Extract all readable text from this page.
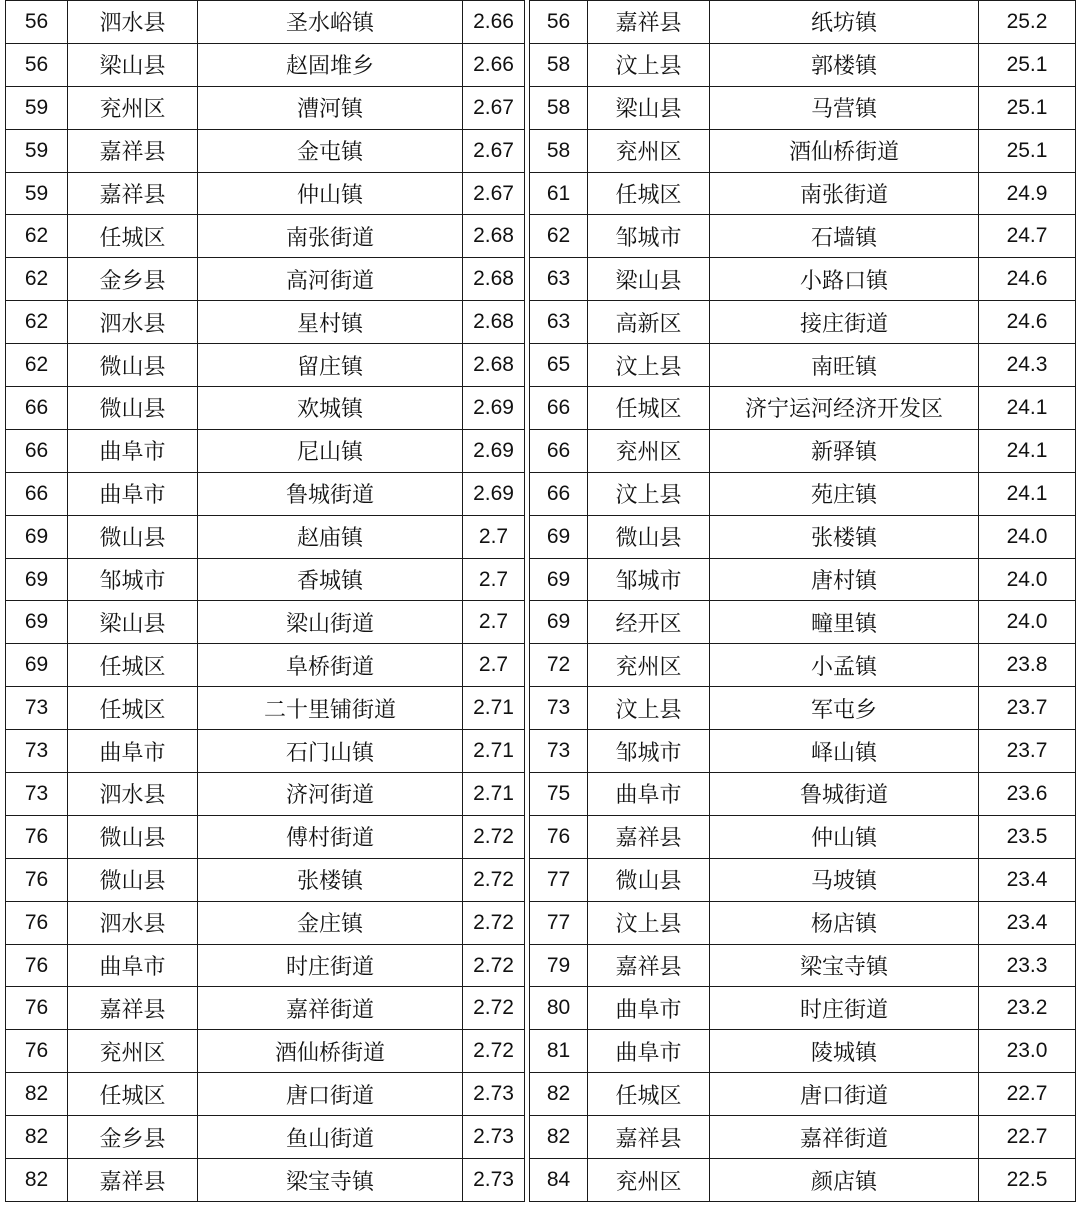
56	泗水县	圣水峪镇	2.66
56	梁山县	赵固堆乡	2.66
59	兖州区	漕河镇	2.67
59	嘉祥县	金屯镇	2.67
59	嘉祥县	仲山镇	2.67
62	任城区	南张街道	2.68
62	金乡县	高河街道	2.68
62	泗水县	星村镇	2.68
62	微山县	留庄镇	2.68
66	微山县	欢城镇	2.69
66	曲阜市	尼山镇	2.69
66	曲阜市	鲁城街道	2.69
69	微山县	赵庙镇	2.7
69	邹城市	香城镇	2.7
69	梁山县	梁山街道	2.7
69	任城区	阜桥街道	2.7
73	任城区	二十里铺街道	2.71
73	曲阜市	石门山镇	2.71
73	泗水县	济河街道	2.71
76	微山县	傅村街道	2.72
76	微山县	张楼镇	2.72
76	泗水县	金庄镇	2.72
76	曲阜市	时庄街道	2.72
76	嘉祥县	嘉祥街道	2.72
76	兖州区	酒仙桥街道	2.72
82	任城区	唐口街道	2.73
82	金乡县	鱼山街道	2.73
82	嘉祥县	梁宝寺镇	2.73
56	嘉祥县	纸坊镇	25.2
58	汶上县	郭楼镇	25.1
58	梁山县	马营镇	25.1
58	兖州区	酒仙桥街道	25.1
61	任城区	南张街道	24.9
62	邹城市	石墙镇	24.7
63	梁山县	小路口镇	24.6
63	高新区	接庄街道	24.6
65	汶上县	南旺镇	24.3
66	任城区	济宁运河经济开发区	24.1
66	兖州区	新驿镇	24.1
66	汶上县	苑庄镇	24.1
69	微山县	张楼镇	24.0
69	邹城市	唐村镇	24.0
69	经开区	疃里镇	24.0
72	兖州区	小孟镇	23.8
73	汶上县	军屯乡	23.7
73	邹城市	峄山镇	23.7
75	曲阜市	鲁城街道	23.6
76	嘉祥县	仲山镇	23.5
77	微山县	马坡镇	23.4
77	汶上县	杨店镇	23.4
79	嘉祥县	梁宝寺镇	23.3
80	曲阜市	时庄街道	23.2
81	曲阜市	陵城镇	23.0
82	任城区	唐口街道	22.7
82	嘉祥县	嘉祥街道	22.7
84	兖州区	颜店镇	22.5
